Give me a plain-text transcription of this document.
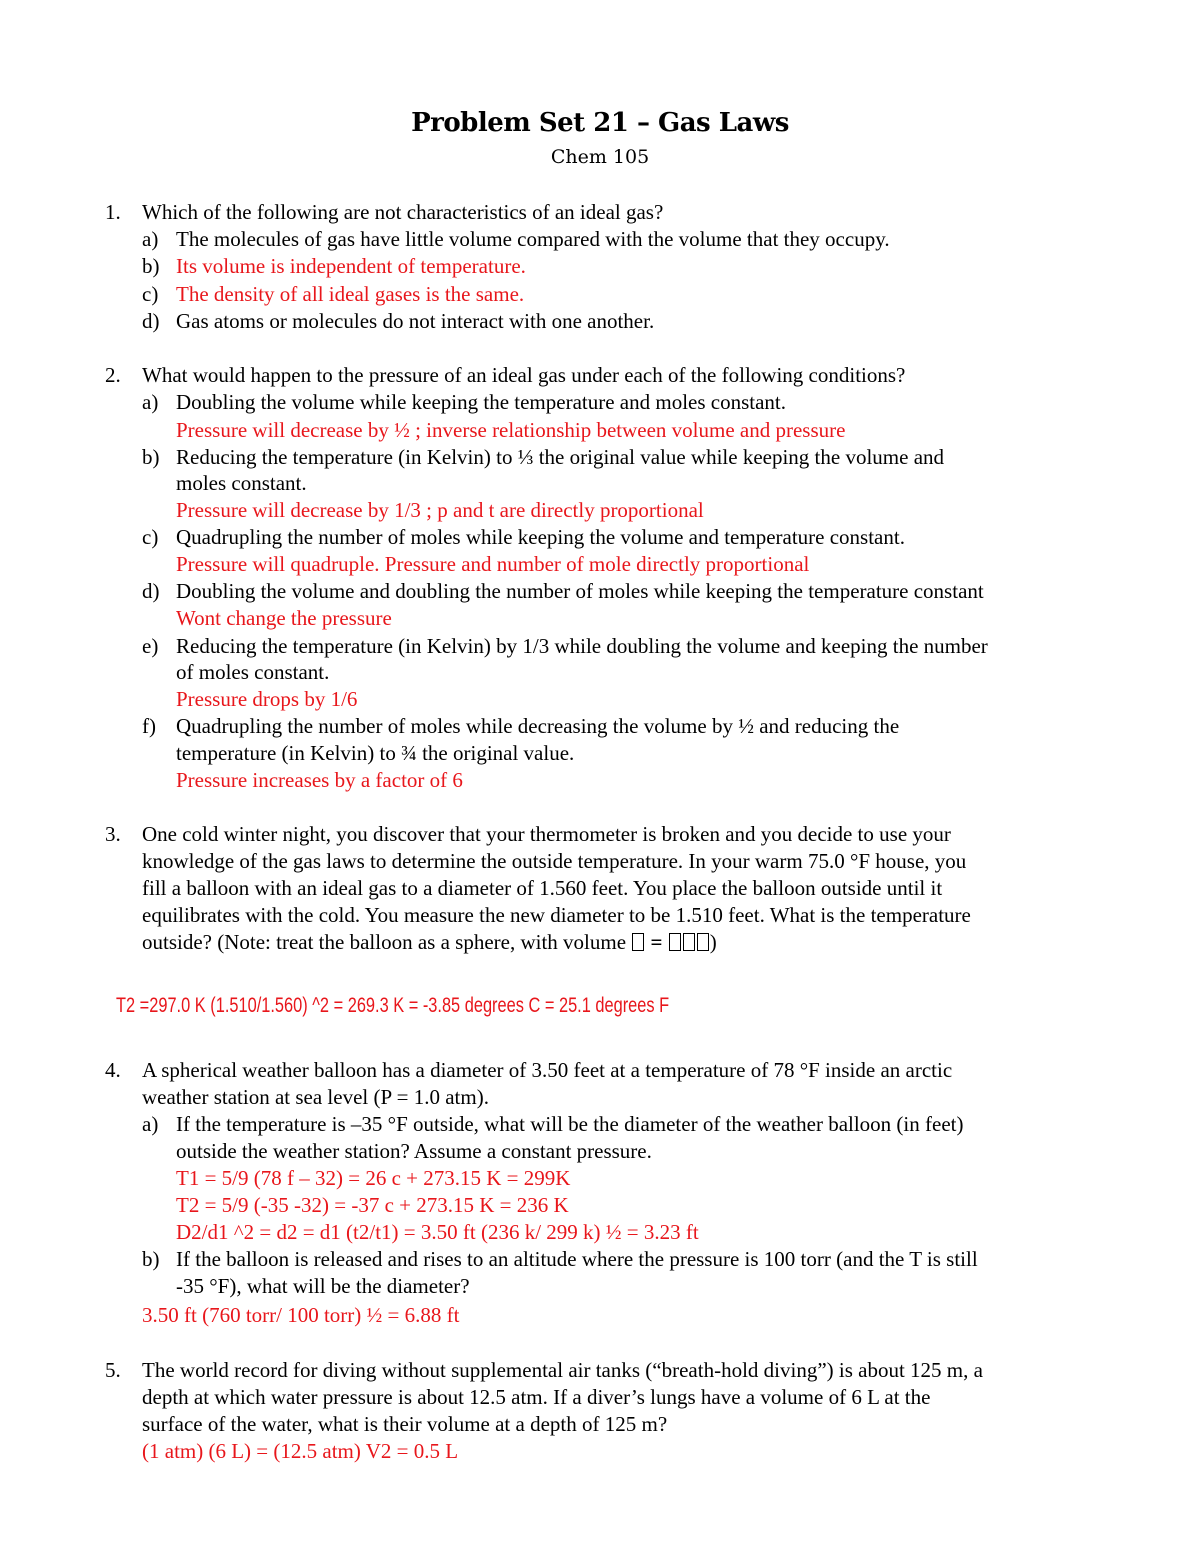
Problem Set 21 – Gas Laws
Chem 105
1. Which of the following are not characteristics of an ideal gas?
a) The molecules of gas have little volume compared with the volume that they occupy.
b) Its volume is independent of temperature.
c) The density of all ideal gases is the same.
d) Gas atoms or molecules do not interact with one another.
2. What would happen to the pressure of an ideal gas under each of the following conditions?
a) Doubling the volume while keeping the temperature and moles constant.
Pressure will decrease by ½ ; inverse relationship between volume and pressure
b) Reducing the temperature (in Kelvin) to ⅓ the original value while keeping the volume and
moles constant.
Pressure will decrease by 1/3 ; p and t are directly proportional
c) Quadrupling the number of moles while keeping the volume and temperature constant.
Pressure will quadruple. Pressure and number of mole directly proportional
d) Doubling the volume and doubling the number of moles while keeping the temperature constant
Wont change the pressure
e) Reducing the temperature (in Kelvin) by 1/3 while doubling the volume and keeping the number
of moles constant.
Pressure drops by 1/6
f) Quadrupling the number of moles while decreasing the volume by ½ and reducing the
temperature (in Kelvin) to ¾ the original value.
Pressure increases by a factor of 6
3. One cold winter night, you discover that your thermometer is broken and you decide to use your
knowledge of the gas laws to determine the outside temperature. In your warm 75.0 °F house, you
fill a balloon with an ideal gas to a diameter of 1.560 feet. You place the balloon outside until it
equilibrates with the cold. You measure the new diameter to be 1.510 feet. What is the temperature
outside? (Note: treat the balloon as a sphere, with volume = )
T2 =297.0 K (1.510/1.560) ^2 = 269.3 K = -3.85 degrees C = 25.1 degrees F
4. A spherical weather balloon has a diameter of 3.50 feet at a temperature of 78 °F inside an arctic
weather station at sea level (P = 1.0 atm).
a) If the temperature is –35 °F outside, what will be the diameter of the weather balloon (in feet)
outside the weather station? Assume a constant pressure.
T1 = 5/9 (78 f – 32) = 26 c + 273.15 K = 299K
T2 = 5/9 (-35 -32) = -37 c + 273.15 K = 236 K
D2/d1 ^2 = d2 = d1 (t2/t1) = 3.50 ft (236 k/ 299 k) ½ = 3.23 ft
b) If the balloon is released and rises to an altitude where the pressure is 100 torr (and the T is still
-35 °F), what will be the diameter?
3.50 ft (760 torr/ 100 torr) ½ = 6.88 ft
5. The world record for diving without supplemental air tanks (“breath-hold diving”) is about 125 m, a
depth at which water pressure is about 12.5 atm. If a diver’s lungs have a volume of 6 L at the
surface of the water, what is their volume at a depth of 125 m?
(1 atm) (6 L) = (12.5 atm) V2 = 0.5 L
